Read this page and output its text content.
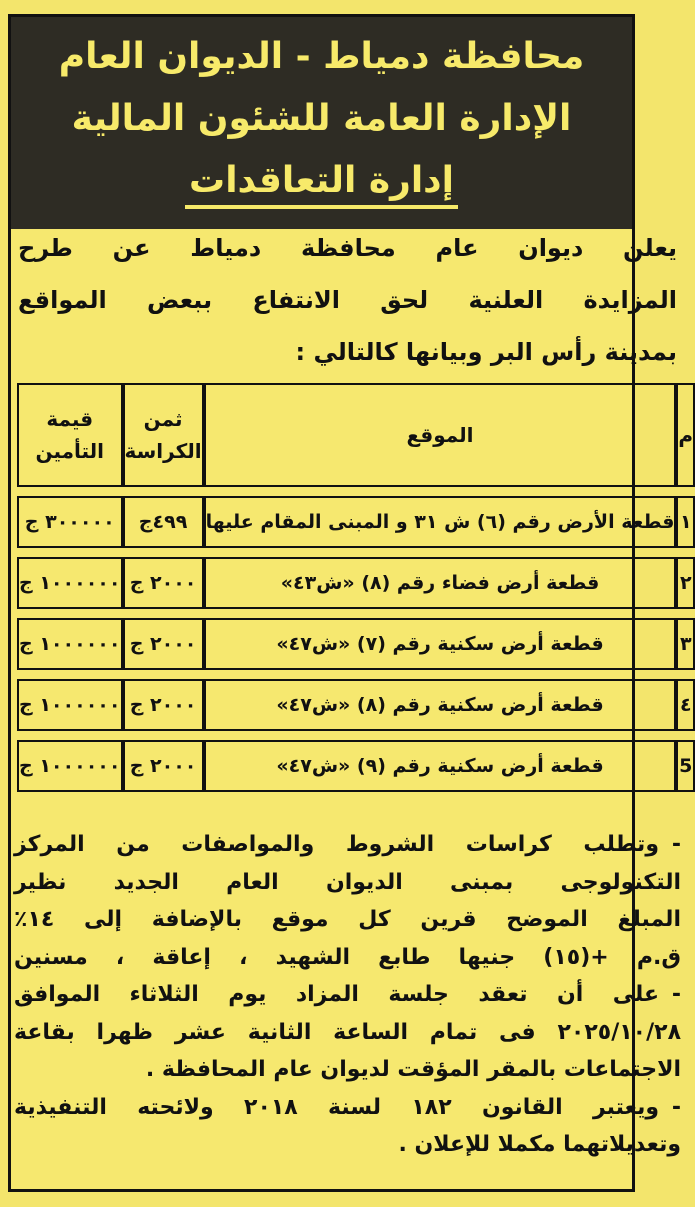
محافظة دمياط - الديوان العام
الإدارة العامة للشئون المالية
إدارة التعاقدات
يعلن ديوان عام محافظة دمياط عن طرح
المزايدة العلنية لحق الانتفاع ببعض المواقع
بمدينة رأس البر وبيانها كالتالي :
م	الموقع	ثمن الكراسة	قيمة التأمين
١	قطعة الأرض رقم (٦) ش ٣١ و المبنى المقام عليها	٤٩٩ج	٣٠٠٠٠٠ ج
٢	قطعة أرض فضاء رقم (٨) «ش٤٣»	٢٠٠٠ ج	١٠٠٠٠٠٠ ج
٣	قطعة أرض سكنية رقم (٧) «ش٤٧»	٢٠٠٠ ج	١٠٠٠٠٠٠ ج
٤	قطعة أرض سكنية رقم (٨) «ش٤٧»	٢٠٠٠ ج	١٠٠٠٠٠٠ ج
5	قطعة أرض سكنية رقم (٩) «ش٤٧»	٢٠٠٠ ج	١٠٠٠٠٠٠ ج
-وتطلب كراسات الشروط والمواصفات من المركز
التكنولوجى بمبنى الديوان العام الجديد نظير
المبلغ الموضح قرين كل موقع بالإضافة إلى ١٤٪
ق.م +(١٥) جنيها طابع الشهيد ، إعاقة ، مسنين
-على أن تعقد جلسة المزاد يوم الثلاثاء الموافق
٢٠٢٥/١٠/٢٨ فى تمام الساعة الثانية عشر ظهرا بقاعة
الاجتماعات بالمقر المؤقت لديوان عام المحافظة .
-ويعتبر القانون ١٨٢ لسنة ٢٠١٨ ولائحته التنفيذية
وتعديلاتهما مكملا للإعلان .
